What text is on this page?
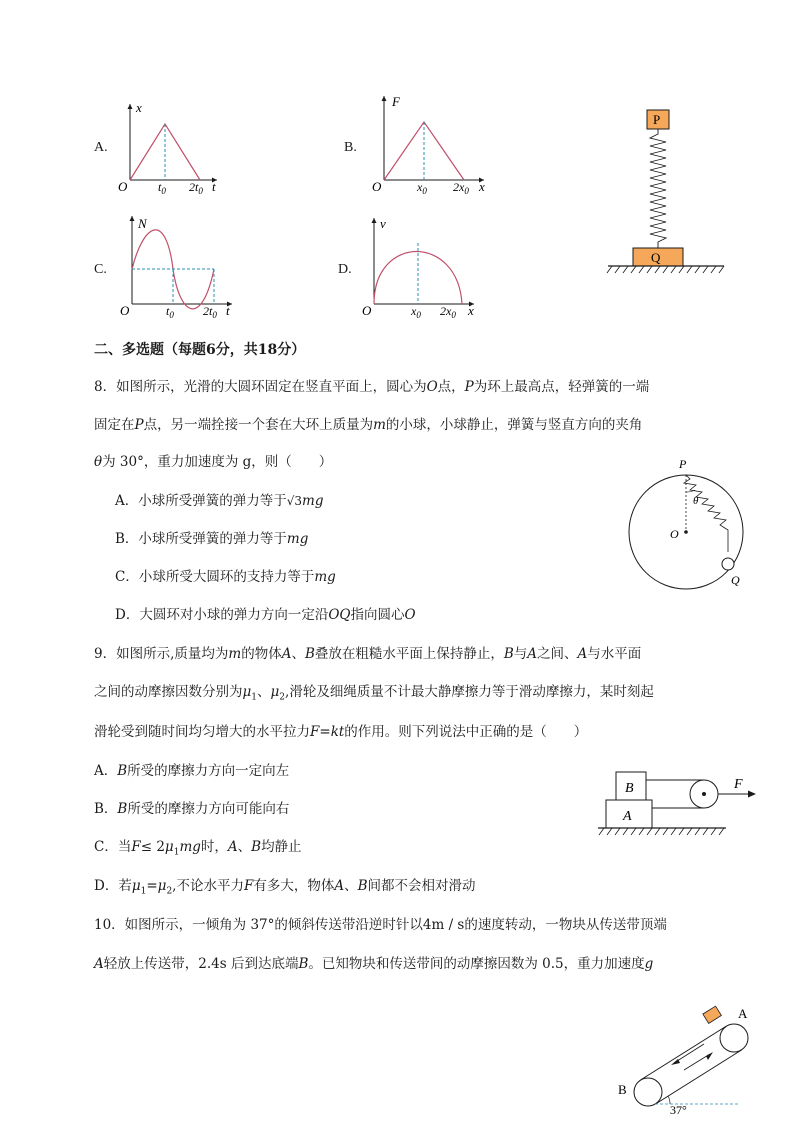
A.
x
O	t
$t_0$ $2t_0$
B.
F
O	x
$x_0$ $2x_0$
C.
N
O	t
$t_0$ $2t_0$
D.
v
O	x
$x_0$ $2x_0$
P
Q
二、多选题（每题6分，共18分）
8．如图所示，光滑的大圆环固定在竖直平面上，圆心为O点，P为环上最高点，轻弹簧的一端
固定在P点，另一端拴接一个套在大环上质量为m的小球，小球静止，弹簧与竖直方向的夹角
θ为 30°，重力加速度为 g，则（　　）
A．小球所受弹簧的弹力等于√3mg
B．小球所受弹簧的弹力等于mg
C．小球所受大圆环的支持力等于mg
D．大圆环对小球的弹力方向一定沿OQ指向圆心O
P
O
Q
θ
9．如图所示,质量均为m的物体A、B叠放在粗糙水平面上保持静止，B与A之间、A与水平面
之间的动摩擦因数分别为$\mu_1$、$\mu_2$,滑轮及细绳质量不计最大静摩擦力等于滑动摩擦力，某时刻起
滑轮受到随时间均匀增大的水平拉力F=kt的作用。则下列说法中正确的是（　　）
A．B所受的摩擦力方向一定向左
B．B所受的摩擦力方向可能向右
C．当$F\le 2\mu_1mg$时，A、B均静止
D．若$\mu_1=\mu_2$,不论水平力F有多大，物体A、B间都不会相对滑动
B
A
F
10．如图所示，一倾角为 37°的倾斜传送带沿逆时针以4m / s的速度转动，一物块从传送带顶端
A轻放上传送带，2.4s 后到达底端B。已知物块和传送带间的动摩擦因数为 0.5，重力加速度g
37°
A
B
